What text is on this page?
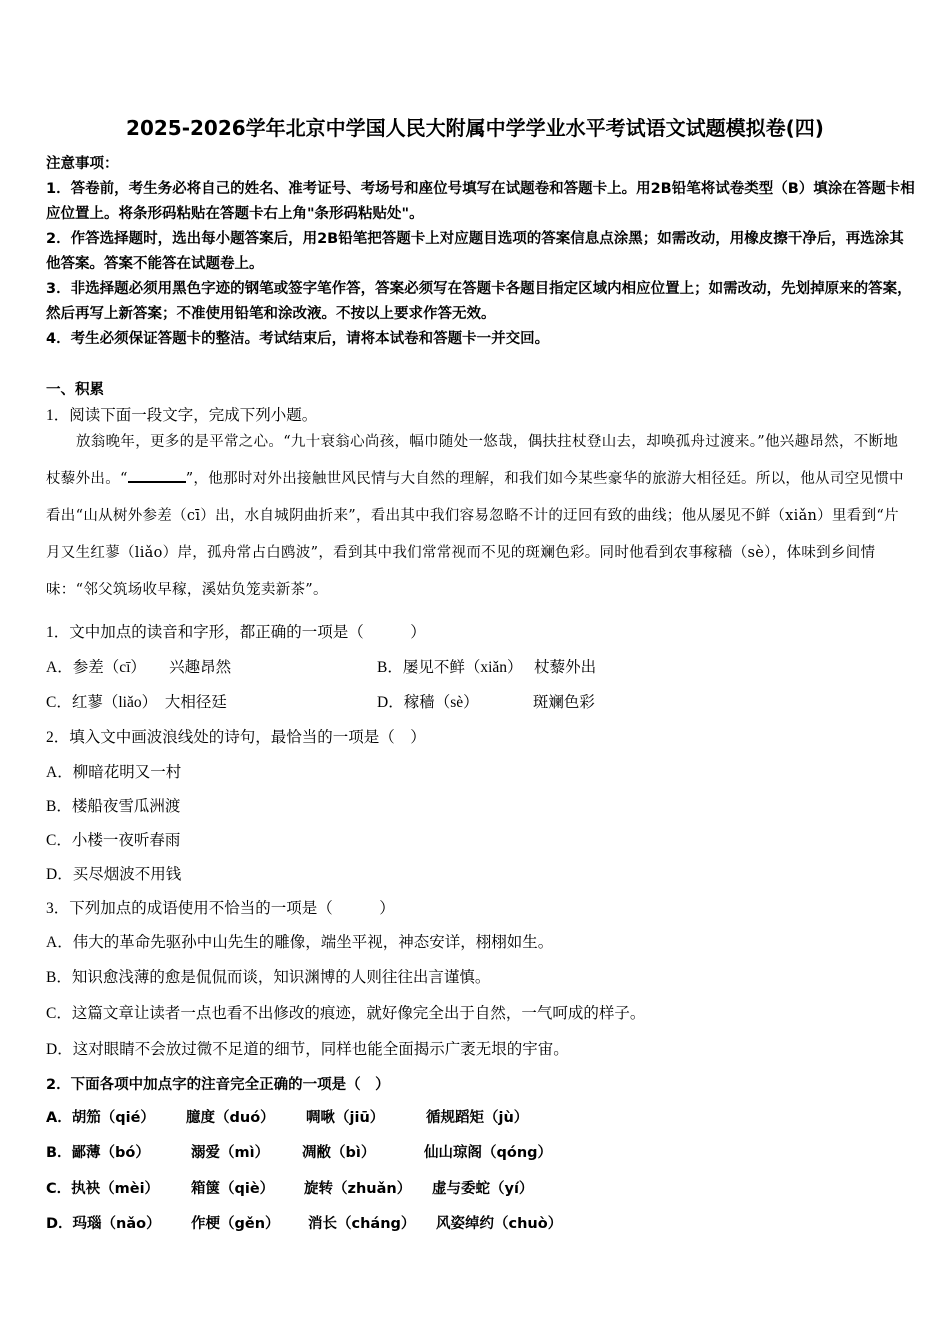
2025-2026学年北京中学国人民大附属中学学业水平考试语文试题模拟卷(四)
注意事项：
1．答卷前，考生务必将自己的姓名、准考证号、考场号和座位号填写在试题卷和答题卡上。用2B铅笔将试卷类型（B）填涂在答题卡相应位置上。将条形码粘贴在答题卡右上角"条形码粘贴处"。
2．作答选择题时，选出每小题答案后，用2B铅笔把答题卡上对应题目选项的答案信息点涂黑；如需改动，用橡皮擦干净后，再选涂其他答案。答案不能答在试题卷上。
3．非选择题必须用黑色字迹的钢笔或签字笔作答，答案必须写在答题卡各题目指定区域内相应位置上；如需改动，先划掉原来的答案，然后再写上新答案；不准使用铅笔和涂改液。不按以上要求作答无效。
4．考生必须保证答题卡的整洁。考试结束后，请将本试卷和答题卡一并交回。
一、积累
1．阅读下面一段文字，完成下列小题。
放翁晚年，更多的是平常之心。“九十衰翁心尚孩，幅巾随处一悠哉，偶扶拄杖登山去，却唤孤舟过渡来。”他兴趣昂然，不断地杖藜外出。“	”，他那时对外出接触世风民情与大自然的理解，和我们如今某些豪华的旅游大相径廷。所以，他从司空见惯中看出“山从树外参差（cī）出，水自城阴曲折来”，看出其中我们容易忽略不计的迂回有致的曲线；他从屡见不鲜（xiǎn）里看到“片月又生红蓼（liǎo）岸，孤舟常占白鸥波”，看到其中我们常常视而不见的斑斓色彩。同时他看到农事稼穑（sè），体味到乡间情味：“邻父筑场收早稼，溪姑负笼卖新茶”。
1．文中加点的读音和字形，都正确的一项是（　　　）
A．参差（cī）　　兴趣昂然	B．屡见不鲜（xiǎn）　 杖藜外出
C．红蓼（liǎo）　大相径廷	D．稼穑（sè）　　　　斑斓色彩
2．填入文中画波浪线处的诗句，最恰当的一项是（　）
A．柳暗花明又一村
B．楼船夜雪瓜洲渡
C．小楼一夜听春雨
D．买尽烟波不用钱
3．下列加点的成语使用不恰当的一项是（　　　）
A．伟大的革命先驱孙中山先生的雕像，端坐平视，神态安详，栩栩如生。
B．知识愈浅薄的愈是侃侃而谈，知识渊博的人则往往出言谨慎。
C．这篇文章让读者一点也看不出修改的痕迹，就好像完全出于自然，一气呵成的样子。
D．这对眼睛不会放过微不足道的细节，同样也能全面揭示广袤无垠的宇宙。
2．下面各项中加点字的注音完全正确的一项是（　）
A．胡笳（qié） 臆度（duó） 啁啾（jiū）	循规蹈矩（jù）
B．鄙薄（bó）	溺爱（mì） 凋敝（bì）	仙山琼阁（qóng）
C．执袂（mèi） 箱箧（qiè） 旋转（zhuǎn） 虚与委蛇（yí）
D．玛瑙（nǎo） 作梗（gěn） 消长（cháng） 风姿绰约（chuò）
